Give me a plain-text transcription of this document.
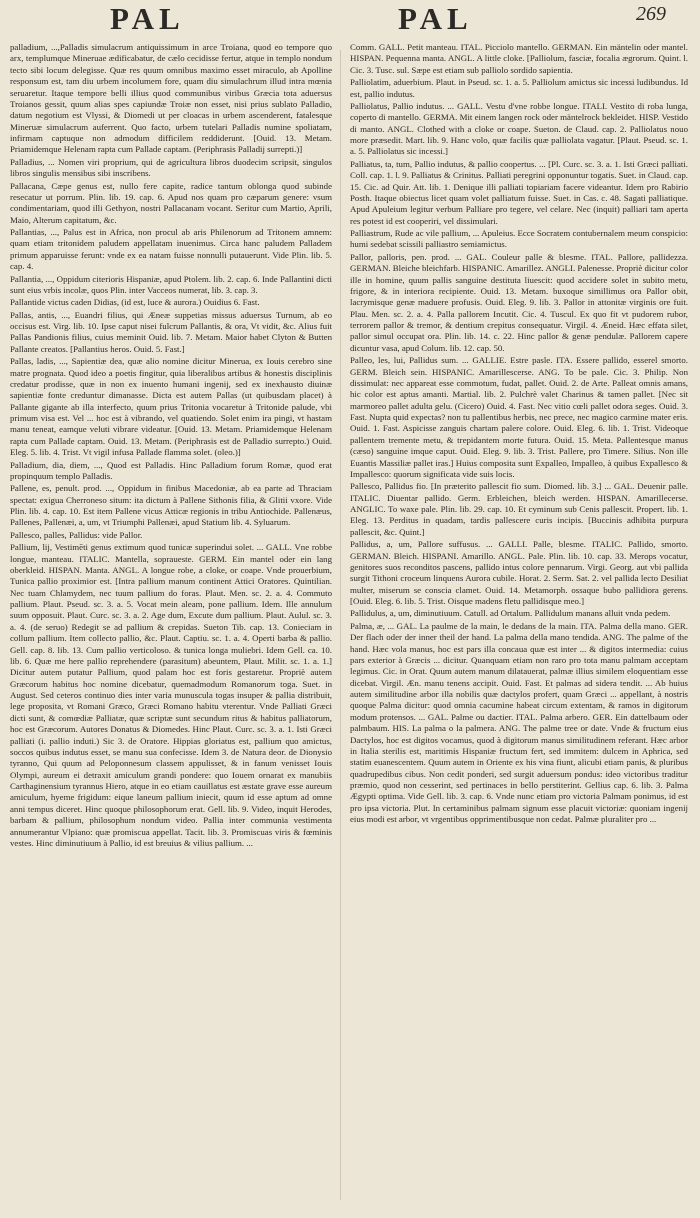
PAL	PAL	269

palladium, ...,Palladis simulacrum antiquissimum in arce Troiana, quod eo tempore quo arx, templumque Mineruae ædificabatur, de cælo cecidisse fertur, atque in templo nondum tecto sibi locum delegisse. Quæ res quum omnibus maximo esset miraculo, ab Apolline responsum est, tam diu urbem incolumem fore, quam diu simulachrum illud intra mœnia seruaretur. Itaque tempore belli illius quod communibus viribus Græcia tota aduersus Troianos gessit, quum alias spes capiundæ Troiæ non esset, nisi prius sublato Palladio, datum negotium est Vlyssi, & Diomedi ut per cloacas in urbem ascenderent, fatalesque Mineruæ simulacrum auferrent. Quo facto, urbem tutelari Palladis numine spoliatam, infirmam captuque non admodum difficilem reddiderunt. [Ouid. 13. Metam. Priamidemque Helenam rapta cum Pallade captam. (Periphrasis Palladij surrepti.)]

Palladius, ... Nomen viri proprium, qui de agricultura libros duodecim scripsit, singulos libros singulis mensibus sibi inscribens.

Pallacana, Cæpe genus est, nullo fere capite, radice tantum oblonga quod subinde resecatur ut porrum. Plin. lib. 19. cap. 6. Apud nos quam pro cæparum genere: vsum condimentariam, quod illi Gethyon, nostri Pallacanam vocant. Seritur cum Martio, Aprili, Maio, Alterum capitatum, &c.

Pallantias, ..., Palus est in Africa, non procul ab aris Philenorum ad Tritonem amnem: quam etiam tritonidem paludem appellatam inuenimus. Circa hanc paludem Palladem primum apparuisse ferunt: vnde ex ea natam fuisse nonnulli putauerunt. Vide Plin. lib. 5. cap. 4.

Pallantia, ..., Oppidum citerioris Hispaniæ, apud Ptolem. lib. 2. cap. 6. Inde Pallantini dicti sunt eius vrbis incolæ, quos Plin. inter Vacceos numerat, lib. 3. cap. 3.

Pallantide victus caden Didias, (id est, luce & aurora.) Ouidius 6. Fast.

Pallas, antis, ..., Euandri filius, qui Æneæ suppetias missus aduersus Turnum, ab eo occisus est. Virg. lib. 10. Ipse caput nisei fulcrum Pallantis, & ora, Vt vidit, &c. Alius fuit Pallas Pandionis filius, cuius meminit Ouid. lib. 7. Metam. Maior habet Clyton & Butten Pallante creatos. [Pallantius heros. Ouid. 5. Fast.]

Pallas, ladis, ..., Sapientiæ dea, quæ alio nomine dicitur Minerua, ex Iouis cerebro sine matre prognata. Quod ideo a poetis fingitur, quia liberalibus artibus & honestis disciplinis credatur prodisse, quæ in non ex inuento humani ingenij, sed ex inexhausto diuinæ sapientiæ fonte creduntur dimanasse. Dicta est autem Pallas (ut quibusdam placet) à Pallante gigante ab illa interfecto, quum prius Tritonia vocaretur à Tritonide palude, vbi primum visa est. Vel ... hoc est à vibrando, vel quatiendo. Solet enim ira pingi, vt hastam manu teneat, eamque veluti vibrare videatur. [Ouid. 13. Metam. Priamidemque Helenam rapta cum Pallade captam. Ouid. 13. Metam. (Periphrasis est de Palladio surrepto.) Ouid. Eleg. 5. lib. 4. Trist. Vt vigil infusa Pallade flamma solet. (oleo.)]

Palladium, dia, diem, ..., Quod est Palladis. Hinc Palladium forum Romæ, quod erat propinquum templo Palladis.

Pallene, es, penult. prod. ..., Oppidum in finibus Macedoniæ, ab ea parte ad Thraciam spectat: exigua Cherroneso situm: ita dictum à Pallene Sithonis filia, & Glitii vxore. Vide Plin. lib. 4. cap. 10. Est item Pallene vicus Atticæ regionis in tribu Antiochide. Pallenæus, Pallenes, Pallenæi, a, um, vt Triumphi Pallenæi, apud Statium lib. 4. Syluarum.

Pallesco, palles, Pallidus: vide Pallor.

Pallium, lij, Vestimēti genus extimum quod tunicæ superindui solet. ... GALL. Vne robbe longue, manteau. ITALIC. Mantella, sopraueste. GERM. Ein mantel oder ein lang oberkleid. HISPAN. Manta. ANGL. A longue robe, a cloke, or coape. Vnde prouerbium, Tunica pallio proximior est. [Intra pallium manum continent Attici Oratores. Quintilian. Nec tuam Chlamydem, nec tuum pallium do foras. Plaut. Men. sc. 2. a. 4. Commuto pallium. Plaut. Pseud. sc. 3. a. 5. Vocat mein aleam, pone pallium. Idem. Ille annulum suum opposuit. Plaut. Curc. sc. 3. a. 2. Age dum, Excute dum pallium. Plaut. Aulul. sc. 3. a. 4. (de seruo) Redegit se ad pallium & crepidas. Sueton Tib. cap. 13. Conieciam in collum pallium. Item collecto pallio, &c. Plaut. Captiu. sc. 1. a. 4. Operti barba & pallio. Gell. cap. 8. lib. 13. Cum pallio verticoloso. & tunica longa muliebri. Idem Gell. ca. 10. lib. 6. Quæ me here pallio reprehendere (parasitum) abeuntem, Plaut. Milit. sc. 1. a. 1.] Dicitur autem putatur Pallium, quod palam hoc est foris gestaretur. Propriè autem Græcorum habitus hoc nomine dicebatur, quemadmodum Romanorum toga. Suet. in August. Sed ceteros continuo dies inter varia munuscula togas insuper & pallia distribuit, lege proposita, vt Romani Græco, Græci Romano habitu vterentur. Vnde Palliati Græci dicti sunt, & comœdiæ Palliatæ, quæ scriptæ sunt secundum ritus & habitus palliatorum, hoc est Græcorum. Autores Donatus & Diomedes. Hinc Plaut. Curc. sc. 3. a. 1. Isti Græci palliati (i. pallio induti.) Sic 3. de Oratore. Hippias gloriatus est, pallium quo amictus, soccos quibus indutus esset, se manu sua confecisse. Idem 3. de Natura deor. de Dionysio tyranno, Qui quum ad Peloponnesum classem appulisset, & in fanum venisset Iouis Olympi, aureum ei detraxit amiculum grandi pondere: quo Iouem ornarat ex manubiis Carthaginensium tyrannus Hiero, atque in eo etiam cauillatus est æstate grave esse aureum amiculum, hyeme frigidum: eique laneum pallium iniecit, quum id esse aptum ad omne anni tempus diceret. Hinc quoque philosophorum erat. Gell. lib. 9. Video, inquit Herodes, barbam & pallium, philosophum nondum video. Pallia inter communia vestimenta annumerantur Vlpiano: quæ promiscua appellat. Tacit. lib. 3. Promiscuas viris & fœminis vestes. Hinc diminutiuum à Pallio, id est breuius & vilius pallium. ...

Comm. GALL. Petit manteau. ITAL. Picciolo mantello. GERMAN. Ein mäntelin oder mantel. HISPAN. Pequenna manta. ANGL. A little cloke. [Palliolum, fasciæ, focalia ægrorum. Quint. l. Cic. 3. Tusc. sul. Sæpe est etiam sub palliolo sordido sapientia.

Palliolatim, aduerbium. Plaut. in Pseud. sc. 1. a. 5. Palliolum amictus sic incessi ludibundus. Id est, pallio indutus.

Palliolatus, Pallio indutus. ... GALL. Vestu d'vne robbe longue. ITALI. Vestito di roba lunga, coperto di mantello. GERMA. Mit einem langen rock oder mäntelrock bekleidet. HISP. Vestido di manto. ANGL. Clothed with a cloke or coape. Sueton. de Claud. cap. 2. Palliolatus nouo more præsedit. Mart. lib. 9. Hanc volo, quæ facilis quæ palliolata vagatur. [Plaut. Pseud. sc. 1. a. 5. Palliolatus sic incessi.]

Palliatus, ta, tum, Pallio indutus, & pallio coopertus. ... [Pl. Curc. sc. 3. a. 1. Isti Græci palliati. Coll. cap. 1. l. 9. Palliatus & Crinitus. Palliati peregrini opponuntur togatis. Suet. in Claud. cap. 15. Cic. ad Quir. Att. lib. 1. Denique illi palliati topiariam facere videantur. Idem pro Rabirio Posth. Itaque obiectus licet quam volet palliatum fuisse. Suet. in Cas. c. 48. Sagati palliatique. Apud Apuleium legitur verbum Palliare pro tegere, vel celare. Nec (inquit) palliari tam aperta res potest id est cooperiri, vel dissimulari.

Palliastrum, Rude ac vile pallium, ... Apuleius. Ecce Socratem contubernalem meum conspicio: humi sedebat scissili palliastro semiamictus.

Pallor, palloris, pen. prod. ... GAL. Couleur palle & blesme. ITAL. Pallore, pallidezza. GERMAN. Bleiche bleichfarb. HISPANIC. Amarillez. ANGLI. Palenesse. Propriè dicitur color ille in homine, quum pallis sanguine destituta liuescit: quod accidere solet in subito metu, frigore, & in interiora recipiente. Ouid. 13. Metam. buxoque simillimus ora Pallor obit, lacrymisque genæ maduere profusis. Ouid. Eleg. 9. lib. 3. Pallor in attonitæ virginis ore fuit. Plau. Men. sc. 2. a. 4. Palla pallorem Incutit. Cic. 4. Tuscul. Ex quo fit vt pudorem rubor, terrorem pallor & tremor, & dentium crepitus consequatur. Virgil. 4. Æneid. Hæc effata silet, pallor simul occupat ora. Plin. lib. 14. c. 22. Hinc pallor & genæ pendulæ. Pallorem capere dicuntur vasa, apud Colum. lib. 12. cap. 50.

Palleo, les, lui, Pallidus sum. ... GALLIE. Estre pasle. ITA. Essere pallido, esserel smorto. GERM. Bleich sein. HISPANIC. Amarillescerse. ANG. To be pale. Cic. 3. Philip. Non dissimulat: nec appareat esse commotum, fudat, pallet. Ouid. 2. de Arte. Palleat omnis amans, hic color est aptus amanti. Martial. lib. 2. Pulchrè valet Charinus & tamen pallet. [Nec sit marmoreo pallet adulta gelu. (Cicero) Ouid. 4. Fast. Nec vitio cœli pallet odora seges. Ouid. 3. Fast. Nupta quid expectas? non tu pallentibus herbis, nec prece, nec magico carmine mater eris. Ouid. 1. Fast. Aspicisse zanguis chartam palere colore. Ouid. Eleg. 6. lib. 1. Trist. Videoque pallentem tremente metu, & trepidantem morte futura. Ouid. 15. Meta. Pallentesque manus (cæso) sanguine imque caput. Ouid. Eleg. 9. lib. 3. Trist. Pallere, pro Timere. Silius. Non ille Euantis Massiliæ pallet iras.] Huius composita sunt Expalleo, Impalleo, à quibus Expallesco & Impallesco: quorum significata vide suis locis.

Pallesco, Pallidus fio. [In præterito pallescit fio sum. Diomed. lib. 3.] ... GAL. Deuenir palle. ITALIC. Diuentar pallido. Germ. Erbleichen, bleich werden. HISPAN. Amarillecerse. ANGLIC. To waxe pale. Plin. lib. 29. cap. 10. Et cyminum sub Cenis pallescit. Propert. lib. 1. Eleg. 13. Perditus in quadam, tardis pallescere curis incipis. [Buccinis adhibita purpura pallescit, &c. Quint.]

Pallidus, a, um, Pallore suffusus. ... GALLI. Palle, blesme. ITALIC. Pallido, smorto. GERMAN. Bleich. HISPANI. Amarillo. ANGL. Pale. Plin. lib. 10. cap. 33. Merops vocatur, genitores suos reconditos pascens, pallido intus colore pennarum. Virgi. Georg. aut vbi pallida surgit Tithoni croceum linquens Aurora cubile. Horat. 2. Serm. Sat. 2. vel pallida lecto Desiliat multer, miserum se conscia clamet. Ouid. 14. Metamorph. ossaque bubo pallidiora gerens. [Ouid. Eleg. 6. lib. 5. Trist. Oisque madens fletu pallidisque meo.]

Pallidulus, a, um, diminutiuum. Catull. ad Ortalum. Pallidulum manans alluit vnda pedem.

Palma, æ, ... GAL. La paulme de la main, le dedans de la main. ITA. Palma della mano. GER. Der flach oder der inner theil der hand. La palma della mano tendida. ANG. The palme of the hand. Hæc vola manus, hoc est pars illa concaua quæ est inter ... & digitos intermedia: cuius pars exterior à Græcis ... dicitur. Quanquam etiam non raro pro tota manu palmam acceptam legimus. Cic. in Orat. Quum autem manum dilatauerat, palmæ illius similem eloquentiam esse dicebat. Virgil. Æn. manu tenens accipit. Ouid. Fast. Et palmas ad sidera tendit. ... Ab huius autem similitudine arbor illa nobilis quæ dactylos profert, quam Græci ... appellant, à nostris quoque Palma dicitur: quod omnia cacumine habeat circum extentam, & ramos in digitorum modum protensos. ... GAL. Palme ou dactier. ITAL. Palma arbero. GER. Ein dattelbaum oder palmbaum. HIS. La palma o la palmera. ANG. The palme tree or date. Vnde & fructum eius Dactylos, hoc est digitos vocamus, quod à digitorum manus similitudinem referant. Hæc arbor in Italia sterilis est, maritimis Hispaniæ fructum fert, sed immitem: dulcem in Aphrica, sed statim euanescentem. Quum autem in Oriente ex his vina fiunt, alicubi etiam panis, & pluribus quadrupedibus cibus. Non cedit ponderi, sed surgit aduersum pondus: ideo victoribus traditur præmio, quod non cesserint, sed pertinaces in bello perstiterint. Gellius cap. 6. lib. 3. Palma Ægypti optima. Vide Gell. lib. 3. cap. 6. Vnde nunc etiam pro victoria Palmam ponimus, id est pro ipsa victoria. Plut. In certaminibus palmam signum esse placuit victoriæ: quoniam ingenij eius modi est arbor, vt vrgentibus opprimentibusque non cedat. Palmæ pluraliter pro ...
